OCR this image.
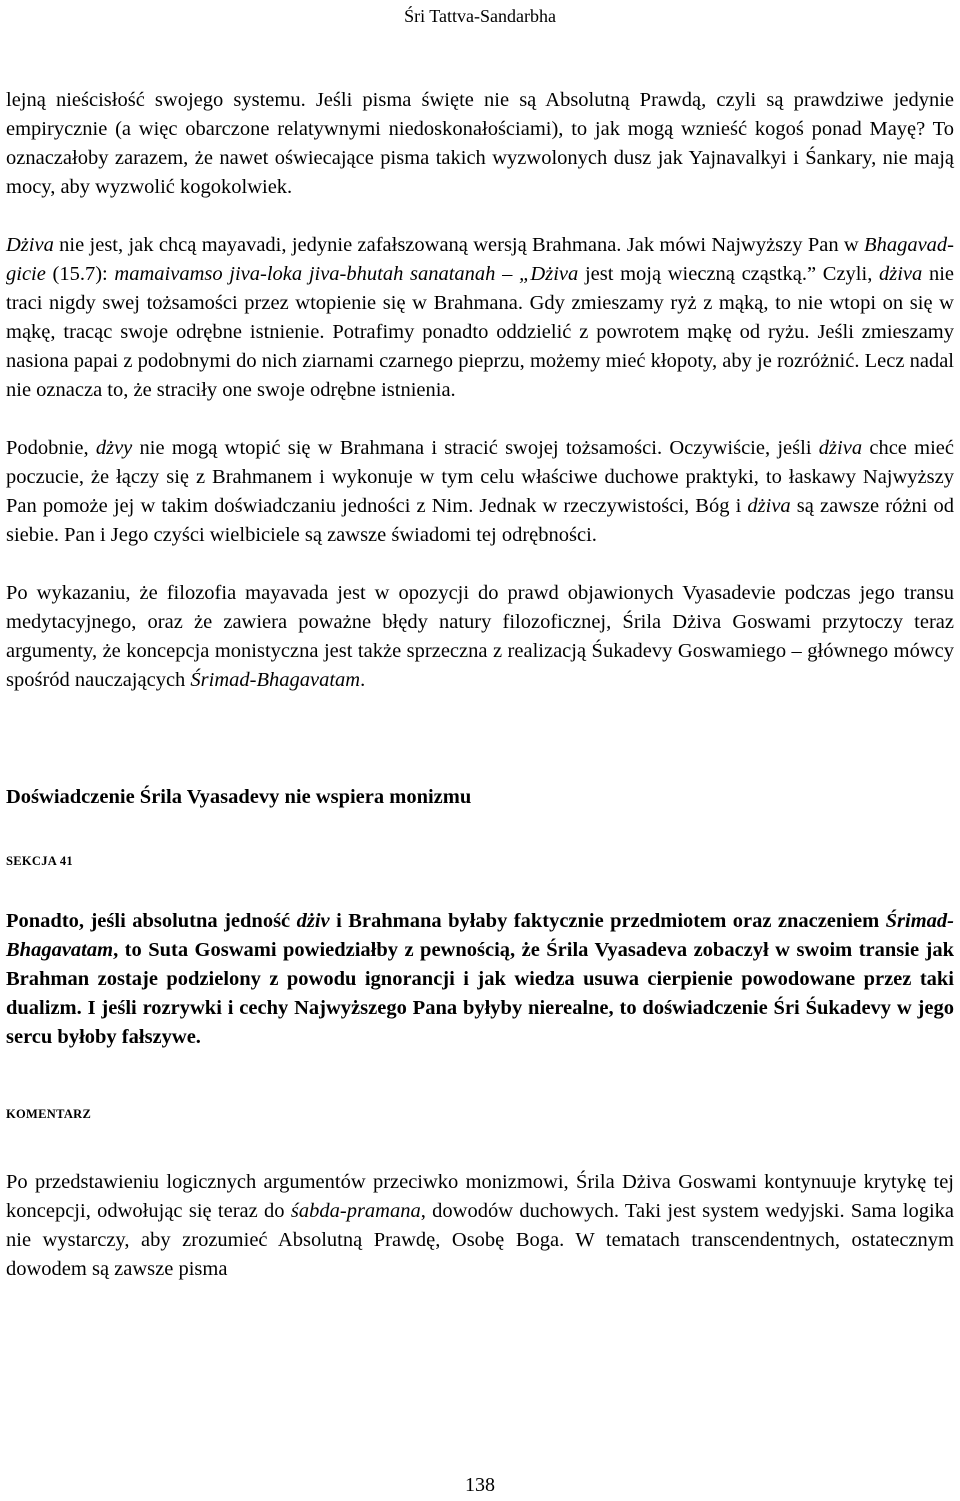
Śri Tattva-Sandarbha

lejną nieścisłość swojego systemu. Jeśli pisma święte nie są Absolutną Prawdą, czyli są prawdziwe jedynie empirycznie (a więc obarczone relatywnymi niedoskonałościami), to jak mogą wznieść kogoś ponad Mayę? To oznaczałoby zarazem, że nawet oświecające pisma takich wyzwolonych dusz jak Yajnavalkyi i Śankary, nie mają mocy, aby wyzwolić kogokolwiek.

Dżiva nie jest, jak chcą mayavadi, jedynie zafałszowaną wersją Brahmana. Jak mówi Najwyższy Pan w Bhagavad-gicie (15.7): mamaivamso jiva-loka jiva-bhutah sanatanah – „Dżiva jest moją wieczną cząstką.” Czyli, dżiva nie traci nigdy swej tożsamości przez wtopienie się w Brahmana. Gdy zmieszamy ryż z mąką, to nie wtopi on się w mąkę, tracąc swoje odrębne istnienie. Potrafimy ponadto oddzielić z powrotem mąkę od ryżu. Jeśli zmieszamy nasiona papai z podobnymi do nich ziarnami czarnego pieprzu, możemy mieć kłopoty, aby je rozróżnić. Lecz nadal nie oznacza to, że straciły one swoje odrębne istnienia.

Podobnie, dżvy nie mogą wtopić się w Brahmana i stracić swojej tożsamości. Oczywiście, jeśli dżiva chce mieć poczucie, że łączy się z Brahmanem i wykonuje w tym celu właściwe duchowe praktyki, to łaskawy Najwyższy Pan pomoże jej w takim doświadczaniu jedności z Nim. Jednak w rzeczywistości, Bóg i dżiva są zawsze różni od siebie. Pan i Jego czyści wielbiciele są zawsze świadomi tej odrębności.

Po wykazaniu, że filozofia mayavada jest w opozycji do prawd objawionych Vyasadevie podczas jego transu medytacyjnego, oraz że zawiera poważne błędy natury filozoficznej, Śrila Dżiva Goswami przytoczy teraz argumenty, że koncepcja monistyczna jest także sprzeczna z realizacją Śukadevy Goswamiego – głównego mówcy spośród nauczających Śrimad-Bhagavatam.

Doświadczenie Śrila Vyasadevy nie wspiera monizmu
SEKCJA 41

Ponadto, jeśli absolutna jedność dżiv i Brahmana byłaby faktycznie przedmiotem oraz znaczeniem Śrimad-Bhagavatam, to Suta Goswami powiedziałby z pewnością, że Śrila Vyasadeva zobaczył w swoim transie jak Brahman zostaje podzielony z powodu ignorancji i jak wiedza usuwa cierpienie powodowane przez taki dualizm. I jeśli rozrywki i cechy Najwyższego Pana byłyby nierealne, to doświadczenie Śri Śukadevy w jego sercu byłoby fałszywe.

KOMENTARZ

Po przedstawieniu logicznych argumentów przeciwko monizmowi, Śrila Dżiva Goswami kontynuuje krytykę tej koncepcji, odwołując się teraz do śabda-pramana, dowodów duchowych. Taki jest system wedyjski. Sama logika nie wystarczy, aby zrozumieć Absolutną Prawdę, Osobę Boga. W tematach transcendentnych, ostatecznym dowodem są zawsze pisma

138
